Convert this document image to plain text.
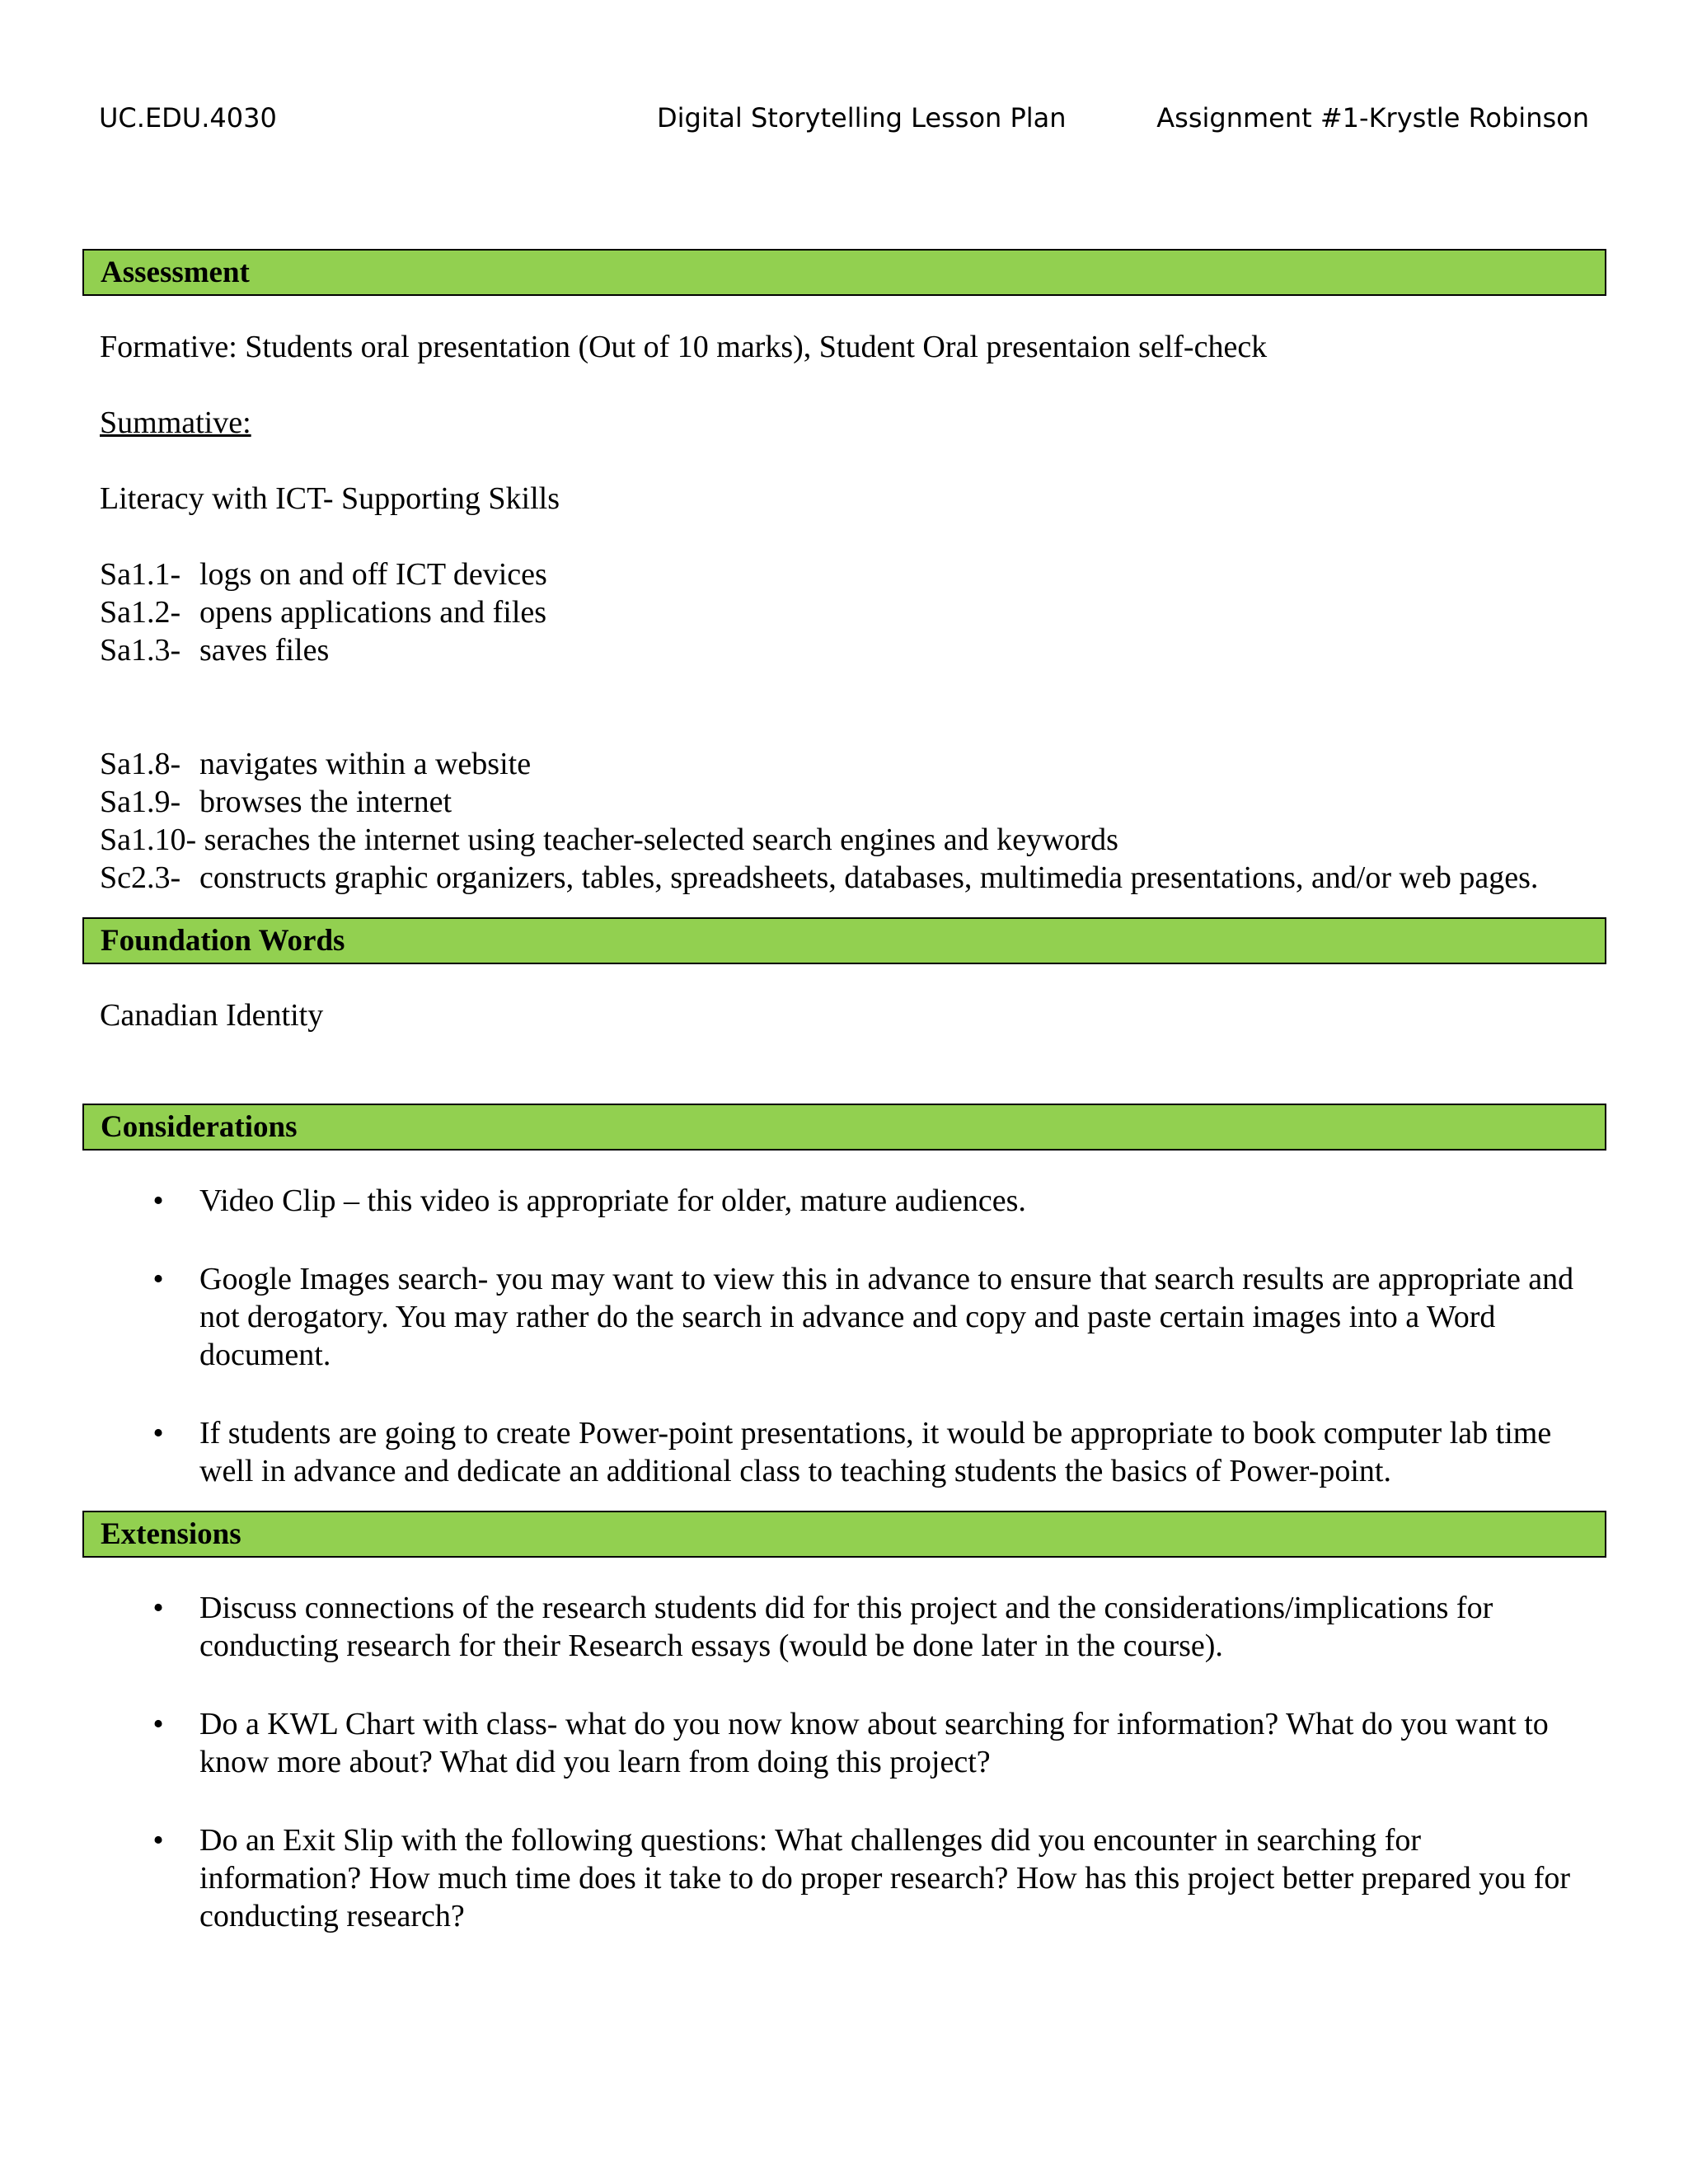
UC.EDU.4030	Digital Storytelling Lesson Plan	Assignment #1-Krystle Robinson
Assessment

Formative: Students oral presentation (Out of 10 marks), Student Oral presentaion self-check

Summative:

Literacy with ICT- Supporting Skills

Sa1.1- logs on and off ICT devices
Sa1.2- opens applications and files
Sa1.3- saves files
Sa1.8- navigates within a website
Sa1.9- browses the internet
Sa1.10-
seraches the internet using teacher-selected search engines and keywords
Sc2.3- constructs graphic organizers, tables, spreadsheets, databases, multimedia presentations, and/or web pages.
Foundation Words

Canadian Identity

Considerations
• Video Clip – this video is appropriate for older, mature audiences.
• Google Images search- you may want to view this in advance to ensure that search results are appropriate and not derogatory. You may rather do the search in advance and copy and paste certain images into a Word document.
• If students are going to create Power-point presentations, it would be appropriate to book computer lab time well in advance and dedicate an additional class to teaching students the basics of Power-point.
Extensions
• Discuss connections of the research students did for this project and the considerations/implications for conducting research for their Research essays (would be done later in the course).
• Do a KWL Chart with class- what do you now know about searching for information? What do you want to know more about? What did you learn from doing this project?
• Do an Exit Slip with the following questions: What challenges did you encounter in searching for information? How much time does it take to do proper research? How has this project better prepared you for conducting research?
